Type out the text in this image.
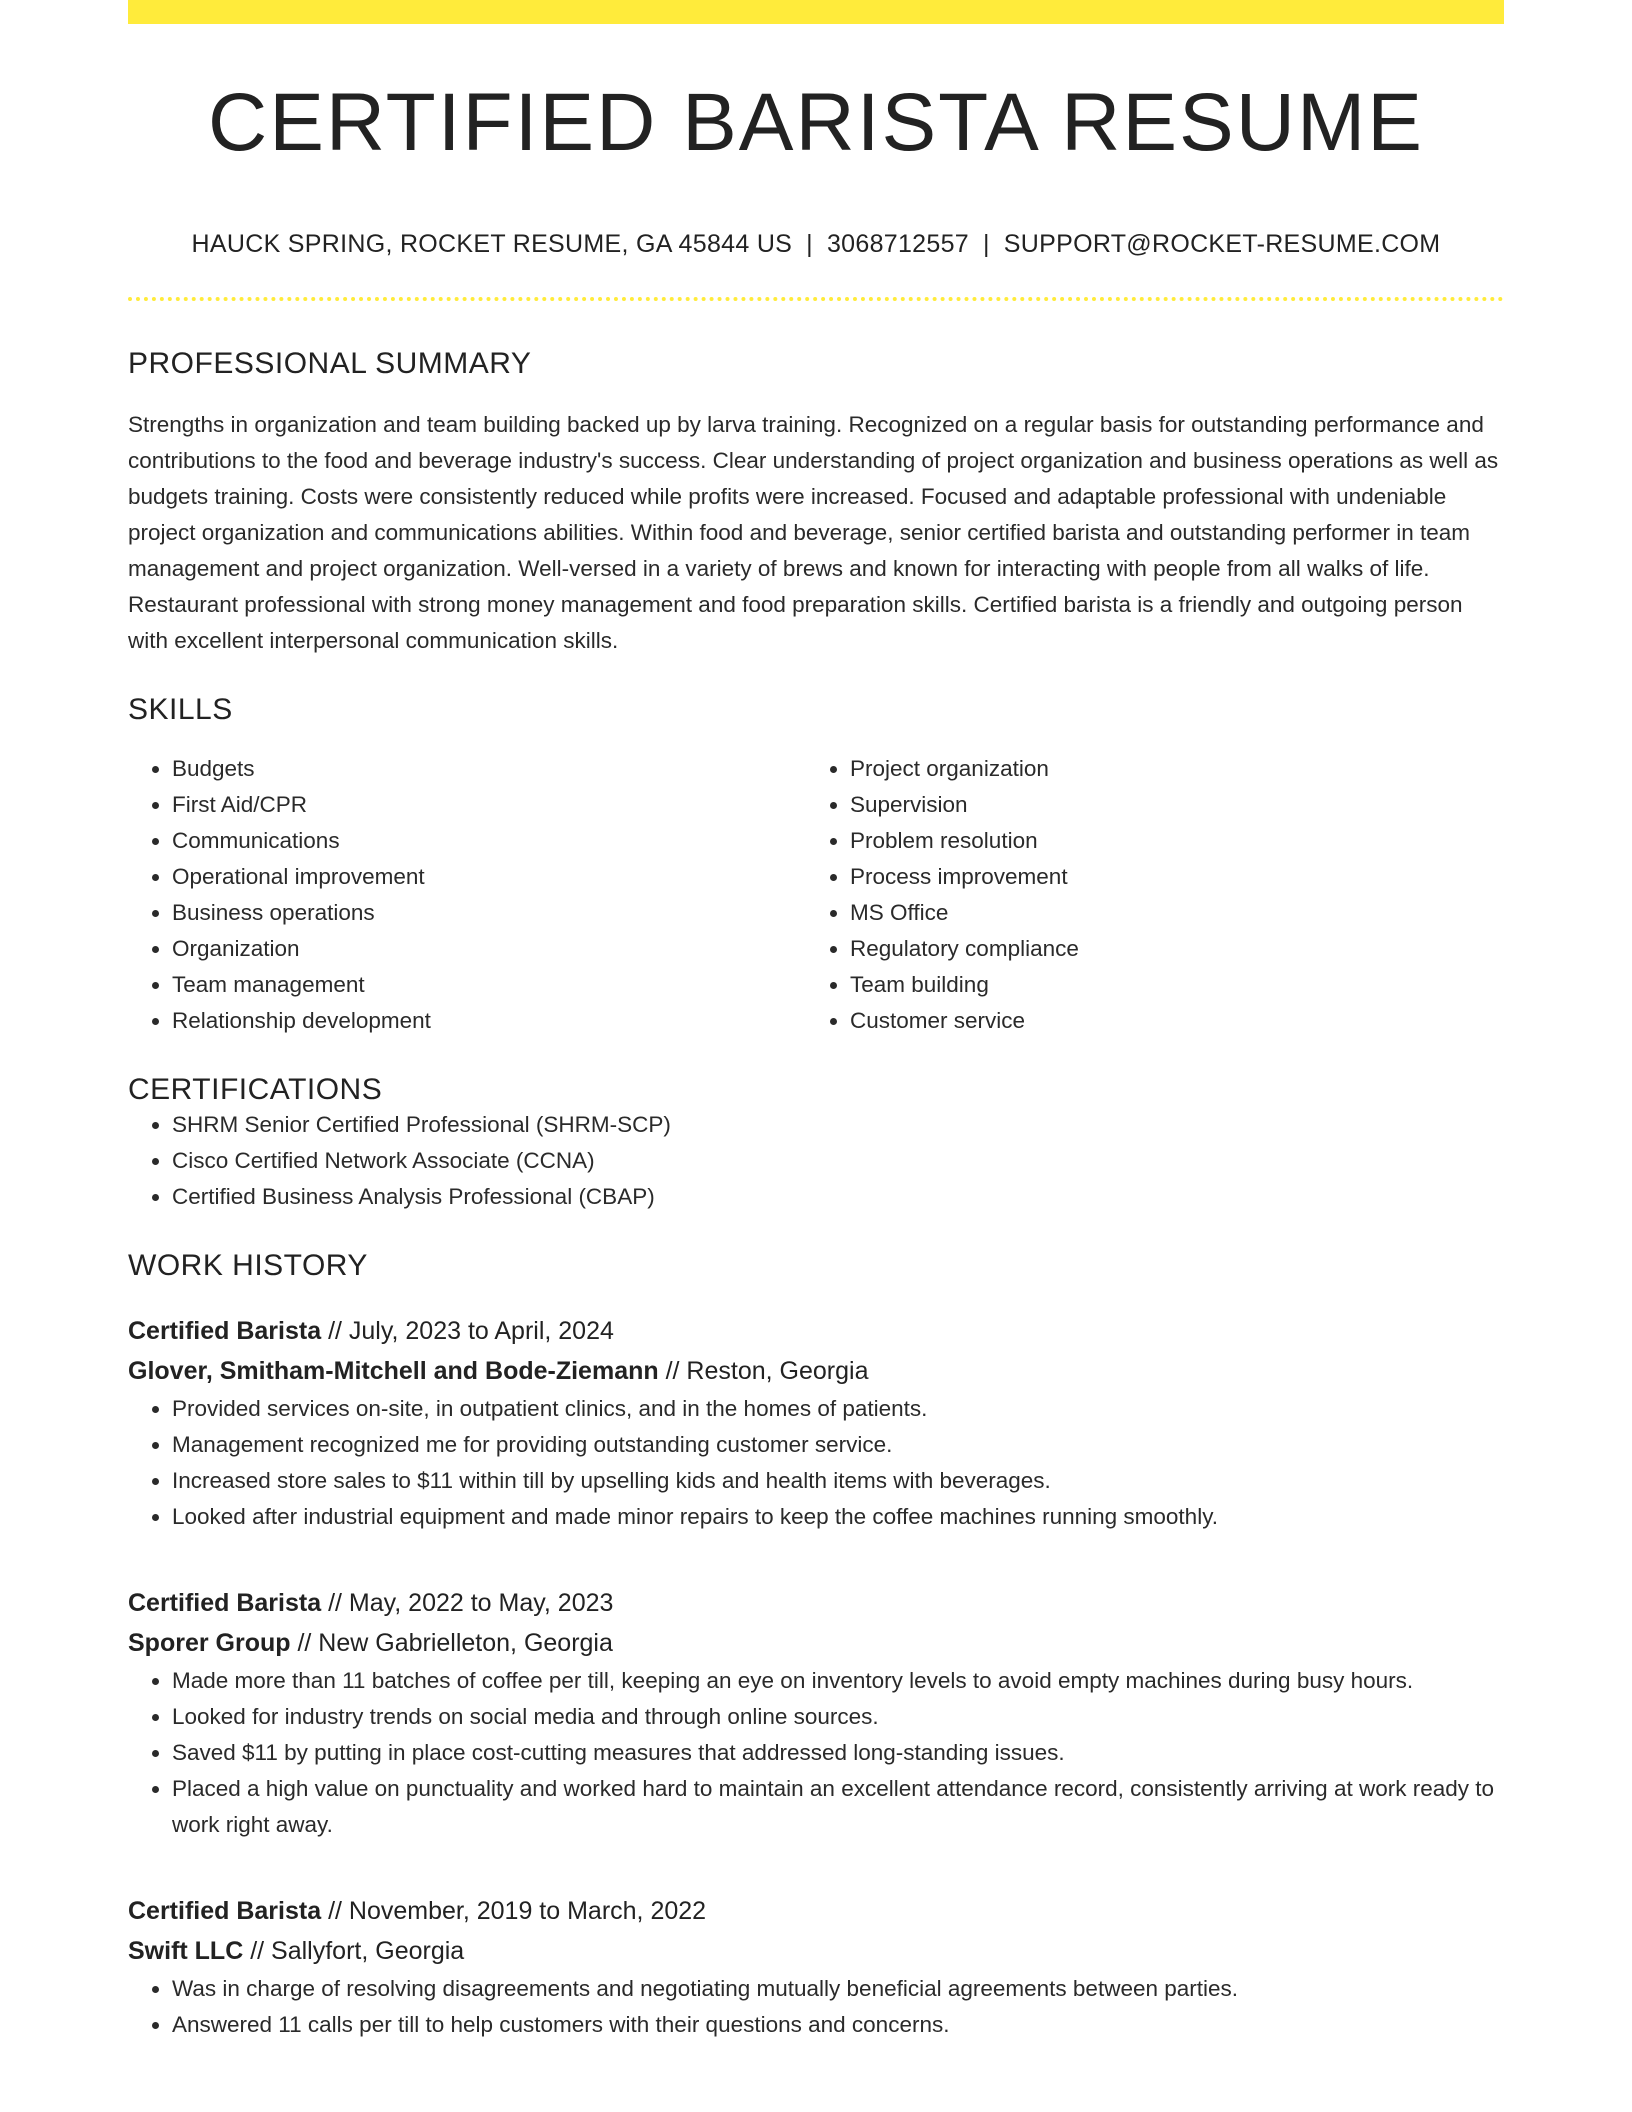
CERTIFIED BARISTA RESUME
HAUCK SPRING, ROCKET RESUME, GA 45844 US | 3068712557 | SUPPORT@ROCKET-RESUME.COM
PROFESSIONAL SUMMARY

Strengths in organization and team building backed up by larva training. Recognized on a regular basis for outstanding performance and contributions to the food and beverage industry's success. Clear understanding of project organization and business operations as well as budgets training. Costs were consistently reduced while profits were increased. Focused and adaptable professional with undeniable project organization and communications abilities. Within food and beverage, senior certified barista and outstanding performer in team management and project organization. Well-versed in a variety of brews and known for interacting with people from all walks of life. Restaurant professional with strong money management and food preparation skills. Certified barista is a friendly and outgoing person with excellent interpersonal communication skills.

SKILLS
• Budgets
• First Aid/CPR
• Communications
• Operational improvement
• Business operations
• Organization
• Team management
• Relationship development
• Project organization
• Supervision
• Problem resolution
• Process improvement
• MS Office
• Regulatory compliance
• Team building
• Customer service
CERTIFICATIONS
• SHRM Senior Certified Professional (SHRM-SCP)
• Cisco Certified Network Associate (CCNA)
• Certified Business Analysis Professional (CBAP)
WORK HISTORY
Certified Barista // July, 2023 to April, 2024
Glover, Smitham-Mitchell and Bode-Ziemann // Reston, Georgia
• Provided services on-site, in outpatient clinics, and in the homes of patients.
• Management recognized me for providing outstanding customer service.
• Increased store sales to $11 within till by upselling kids and health items with beverages.
• Looked after industrial equipment and made minor repairs to keep the coffee machines running smoothly.
Certified Barista // May, 2022 to May, 2023
Sporer Group // New Gabrielleton, Georgia
• Made more than 11 batches of coffee per till, keeping an eye on inventory levels to avoid empty machines during busy hours.
• Looked for industry trends on social media and through online sources.
• Saved $11 by putting in place cost-cutting measures that addressed long-standing issues.
• Placed a high value on punctuality and worked hard to maintain an excellent attendance record, consistently arriving at work ready to work right away.
Certified Barista // November, 2019 to March, 2022
Swift LLC // Sallyfort, Georgia
• Was in charge of resolving disagreements and negotiating mutually beneficial agreements between parties.
• Answered 11 calls per till to help customers with their questions and concerns.
